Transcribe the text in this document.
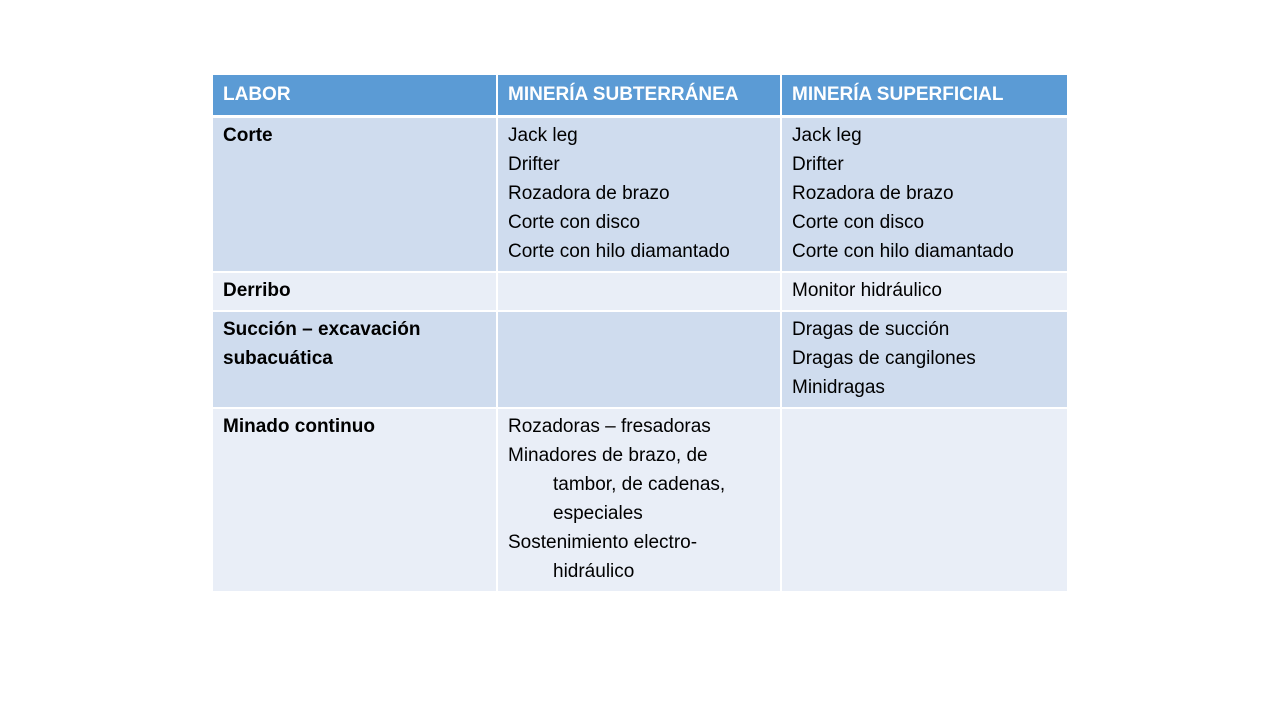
LABOR	MINERÍA SUBTERRÁNEA	MINERÍA SUPERFICIAL
Corte	Jack leg
Drifter
Rozadora de brazo
Corte con disco
Corte con hilo diamantado	Jack leg
Drifter
Rozadora de brazo
Corte con disco
Corte con hilo diamantado

Derribo		Monitor hidráulico

Succión – excavación subacuática		Dragas de succión
Dragas de cangilones
Minidragas

Minado continuo	Rozadoras – fresadoras
Minadores de brazo, de tambor, de cadenas, especiales
Sostenimiento electro-hidráulico	
